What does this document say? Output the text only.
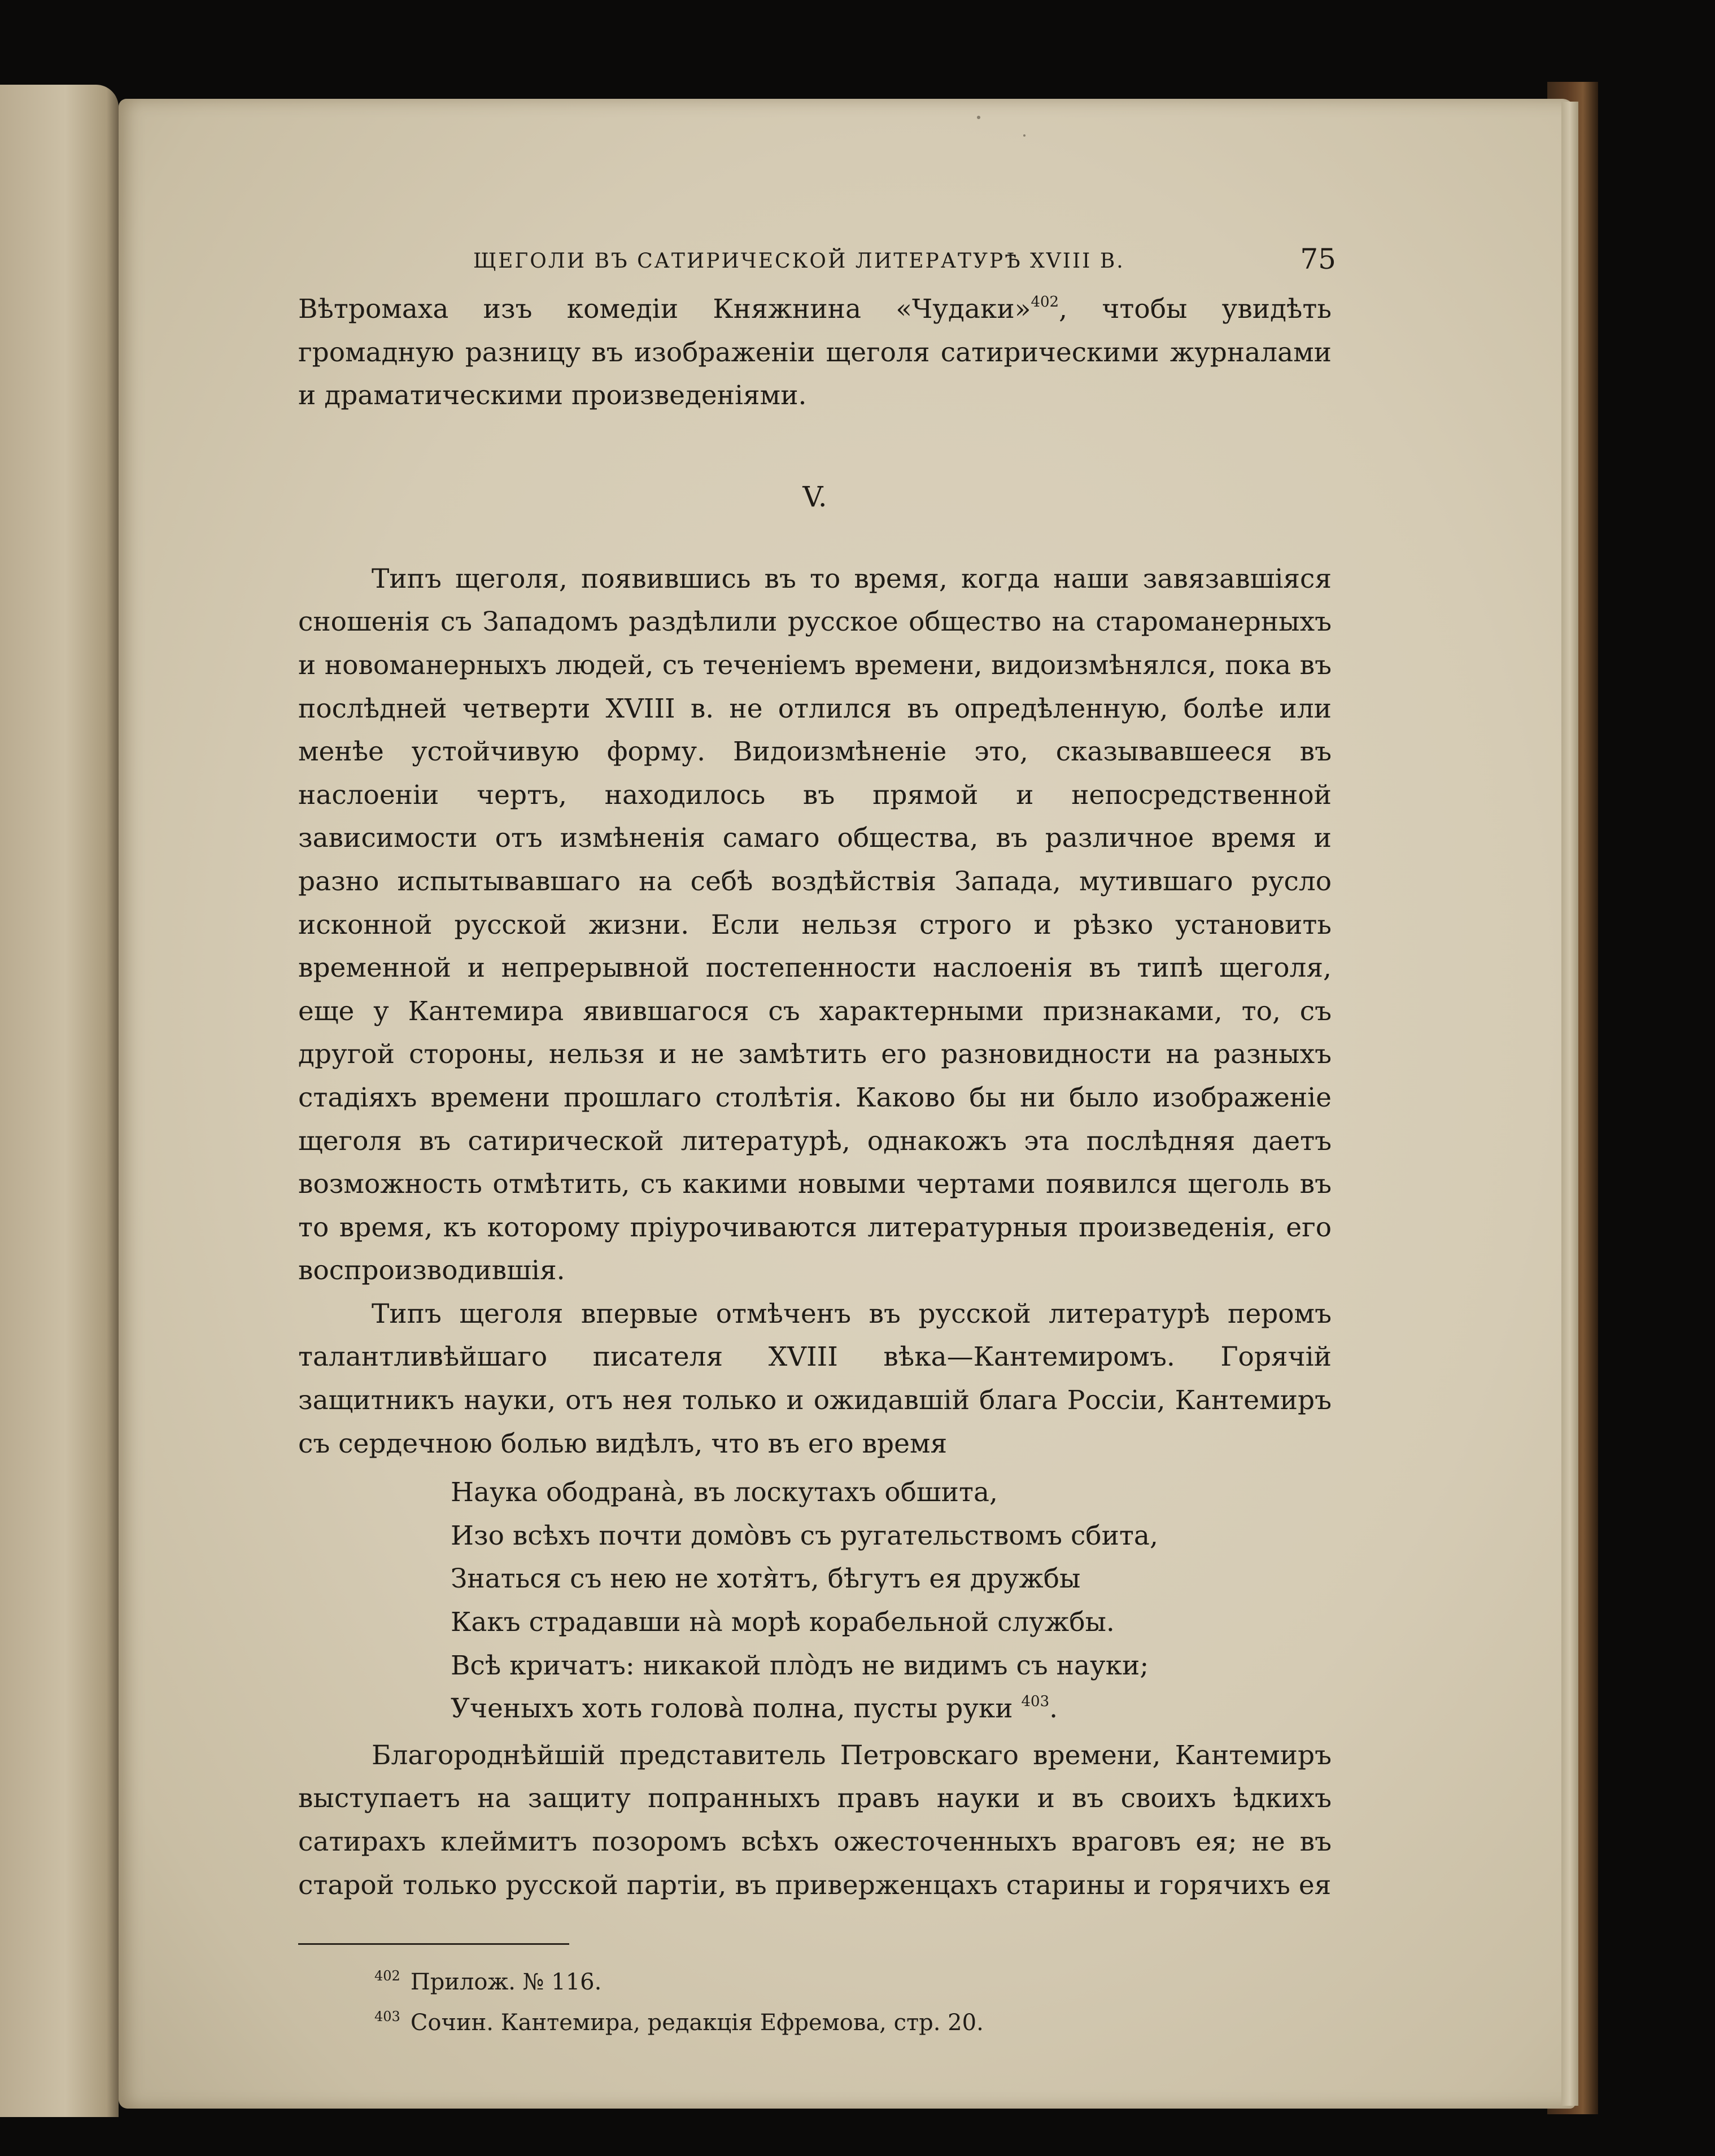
ЩЕГОЛИ ВЪ САТИРИЧЕСКОЙ ЛИТЕРАТУРѢ XVIII В.	75

Вѣтромаха изъ комедіи Княжнина «Чудаки»$^{402}$, чтобы увидѣть громадную разницу въ изображеніи щеголя сатирическими журналами и драматическими произведеніями.

V.

Типъ щеголя, появившись въ то время, когда наши завязавшіяся сношенія съ Западомъ раздѣлили русское общество на староманерныхъ и новоманерныхъ людей, съ теченіемъ времени, видоизмѣнялся, пока въ послѣдней четверти XVIII в. не отлился въ опредѣленную, болѣе или менѣе устойчивую форму. Видоизмѣненіе это, сказывавшееся въ наслоеніи чертъ, находилось въ прямой и непосредственной зависимости отъ измѣненія самаго общества, въ различное время и разно испытывавшаго на себѣ воздѣйствія Запада, мутившаго русло исконной русской жизни. Если нельзя строго и рѣзко установить временной и непрерывной постепенности наслоенія въ типѣ щеголя, еще у Кантемира явившагося съ характерными признаками, то, съ другой стороны, нельзя и не замѣтить его разновидности на разныхъ стадіяхъ времени прошлаго столѣтія. Каково бы ни было изображеніе щеголя въ сатирической литературѣ, однакожъ эта послѣдняя даетъ возможность отмѣтить, съ какими новыми чертами появился щеголь въ то время, къ которому пріурочиваются литературныя произведенія, его воспроизводившія.

Типъ щеголя впервые отмѣченъ въ русской литературѣ перомъ талантливѣйшаго писателя XVIII вѣка—Кантемиромъ. Горячій защитникъ науки, отъ нея только и ожидавшій блага Россіи, Кантемиръ съ сердечною болью видѣлъ, что въ его время

Наука ободрана̀, въ лоскутахъ обшита,
Изо всѣхъ почти домо̀въ съ ругательствомъ сбита,
Знаться съ нею не хотя̀тъ, бѣгутъ ея дружбы
Какъ страдавши на̀ морѣ корабельной службы.
Всѣ кричатъ: никакой пло̀дъ не видимъ съ науки;
Ученыхъ хоть голова̀ полна, пусты руки $^{403}$.

Благороднѣйшій представитель Петровскаго времени, Кантемиръ выступаетъ на защиту попранныхъ правъ науки и въ своихъ ѣдкихъ сатирахъ клеймитъ позоромъ всѣхъ ожесточенныхъ враговъ ея; не въ старой только русской партіи, въ приверженцахъ старины и горячихъ ея

$^{402}$ Прилож. № 116.
$^{403}$ Сочин. Кантемира, редакція Ефремова, стр. 20.
